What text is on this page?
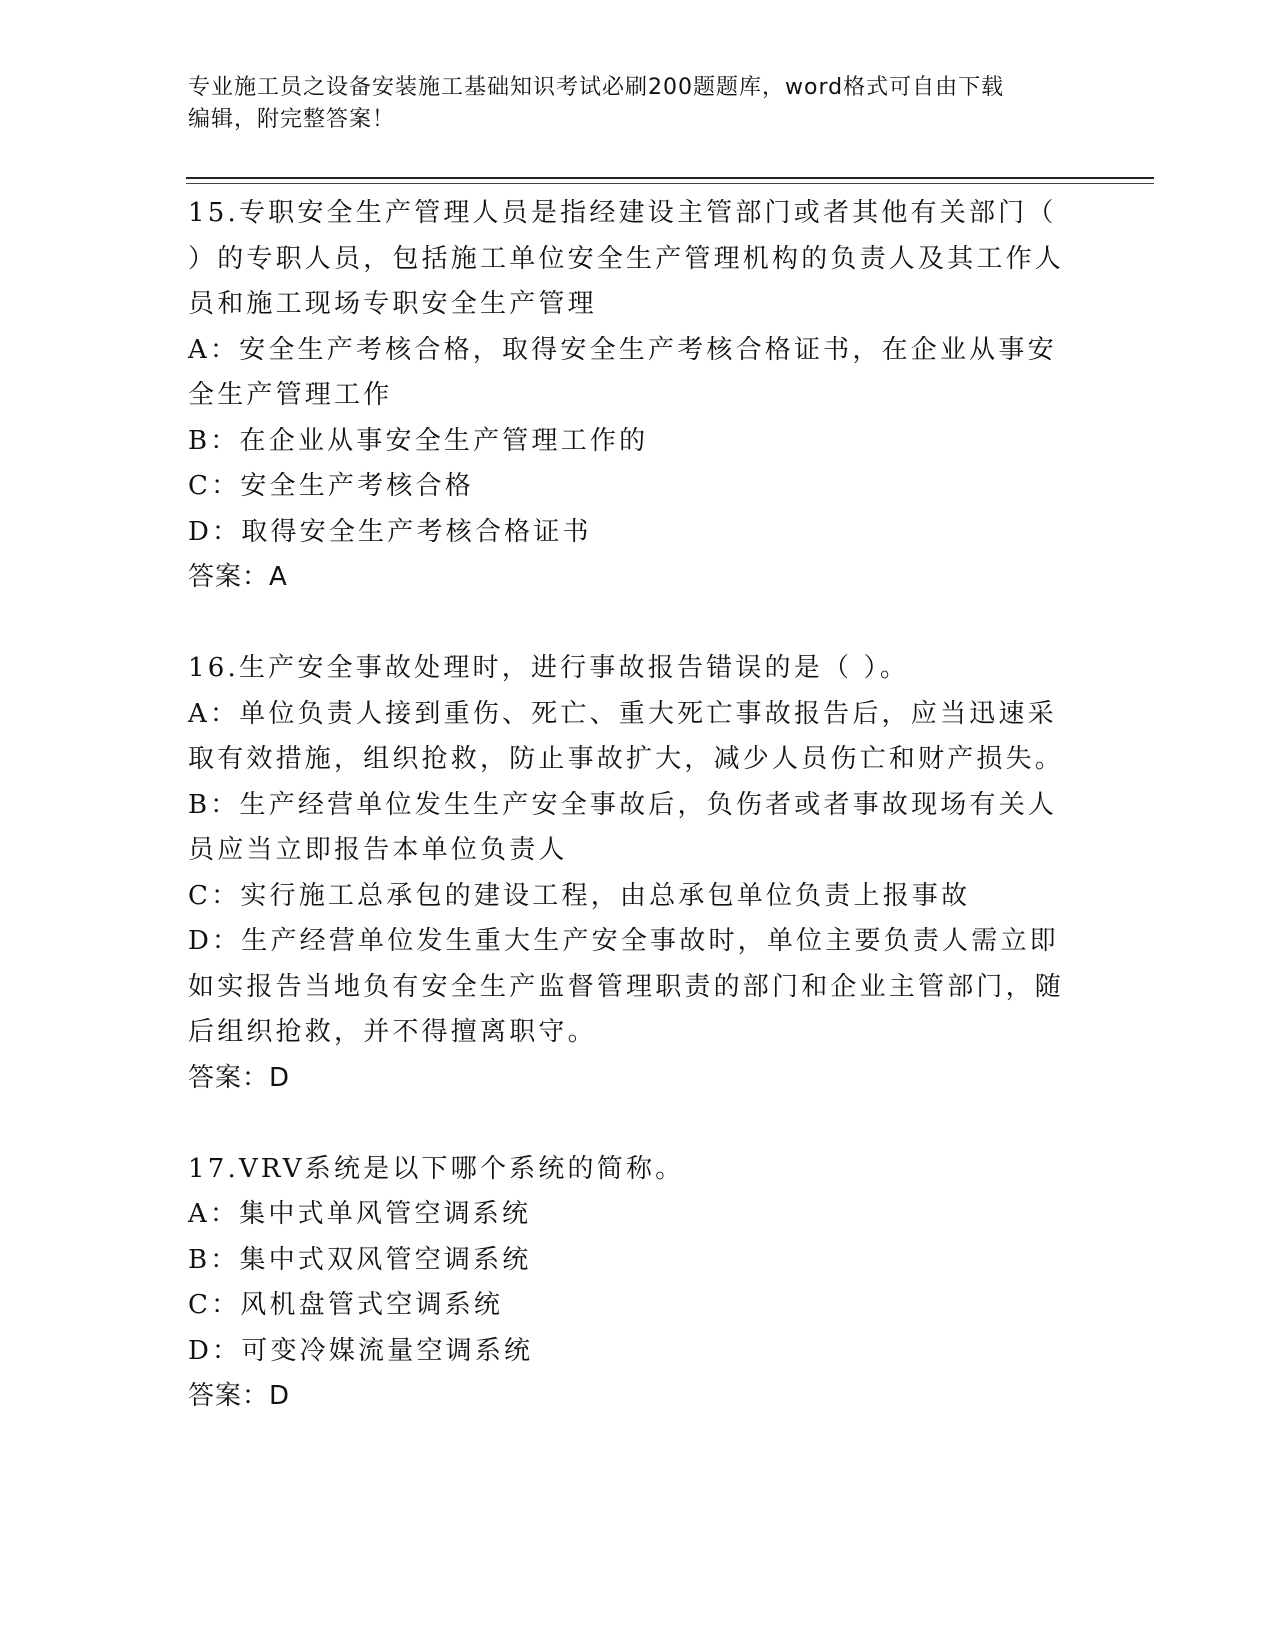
专业施工员之设备安装施工基础知识考试必刷200题题库，word格式可自由下载
编辑，附完整答案！

15.专职安全生产管理人员是指经建设主管部门或者其他有关部门（ ）的专职人员，包括施工单位安全生产管理机构的负责人及其工作人员和施工现场专职安全生产管理

A：安全生产考核合格，取得安全生产考核合格证书，在企业从事安全生产管理工作

B：在企业从事安全生产管理工作的

C：安全生产考核合格

D：取得安全生产考核合格证书

答案：A

16.生产安全事故处理时，进行事故报告错误的是（ ）。

A：单位负责人接到重伤、死亡、重大死亡事故报告后，应当迅速采取有效措施，组织抢救，防止事故扩大，减少人员伤亡和财产损失。

B：生产经营单位发生生产安全事故后，负伤者或者事故现场有关人员应当立即报告本单位负责人

C：实行施工总承包的建设工程，由总承包单位负责上报事故

D：生产经营单位发生重大生产安全事故时，单位主要负责人需立即如实报告当地负有安全生产监督管理职责的部门和企业主管部门，随后组织抢救，并不得擅离职守。

答案：D

17.VRV系统是以下哪个系统的简称。

A：集中式单风管空调系统

B：集中式双风管空调系统

C：风机盘管式空调系统

D：可变冷媒流量空调系统

答案：D
